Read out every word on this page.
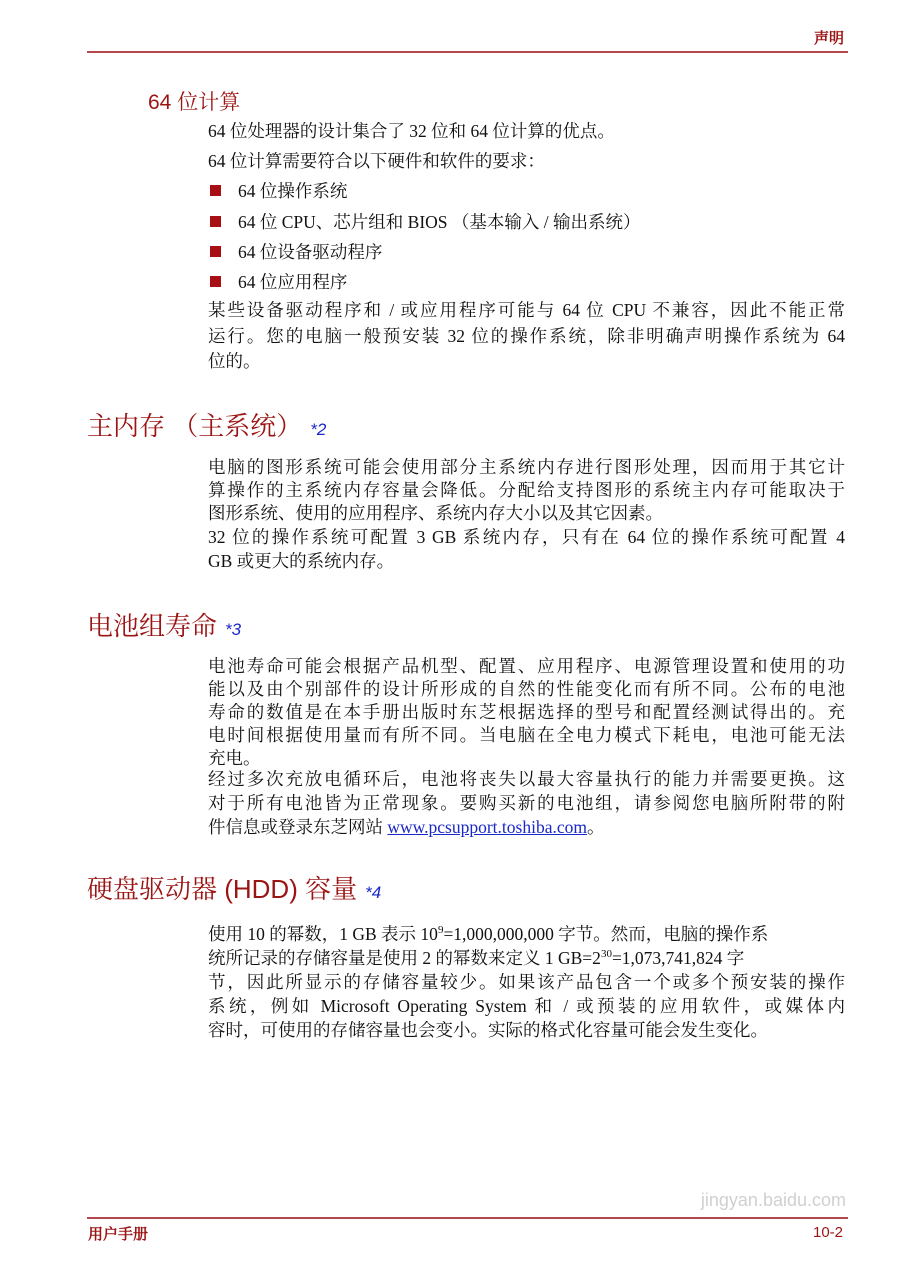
声明
64 位计算
64 位处理器的设计集合了 32 位和 64 位计算的优点。
64 位计算需要符合以下硬件和软件的要求：
64 位操作系统
64 位 CPU、芯片组和 BIOS （基本输入 / 输出系统）
64 位设备驱动程序
64 位应用程序
某些设备驱动程序和 / 或应用程序可能与 64 位 CPU 不兼容，因此不能正常
运行。您的电脑一般预安装 32 位的操作系统，除非明确声明操作系统为 64
位的。
主内存 （主系统） *2
电脑的图形系统可能会使用部分主系统内存进行图形处理，因而用于其它计
算操作的主系统内存容量会降低。分配给支持图形的系统主内存可能取决于
图形系统、使用的应用程序、系统内存大小以及其它因素。
32 位的操作系统可配置 3 GB 系统内存，只有在 64 位的操作系统可配置 4
GB 或更大的系统内存。
电池组寿命 *3
电池寿命可能会根据产品机型、配置、应用程序、电源管理设置和使用的功
能以及由个别部件的设计所形成的自然的性能变化而有所不同。公布的电池
寿命的数值是在本手册出版时东芝根据选择的型号和配置经测试得出的。充
电时间根据使用量而有所不同。当电脑在全电力模式下耗电，电池可能无法
充电。
经过多次充放电循环后，电池将丧失以最大容量执行的能力并需要更换。这
对于所有电池皆为正常现象。要购买新的电池组，请参阅您电脑所附带的附
件信息或登录东芝网站 www.pcsupport.toshiba.com。
硬盘驱动器 (HDD) 容量 *4
使用 10 的幂数，1 GB 表示 $10^9=1,000,000,000$ 字节。然而，电脑的操作系
统所记录的存储容量是使用 2 的幂数来定义 1 $GB=2^{30}=1,073,741,824$ 字
节，因此所显示的存储容量较少。如果该产品包含一个或多个预安装的操作
系统，例如 Microsoft Operating System 和 / 或预装的应用软件，或媒体内
容时，可使用的存储容量也会变小。实际的格式化容量可能会发生变化。
jingyan.baidu.com
用户手册	10-2
